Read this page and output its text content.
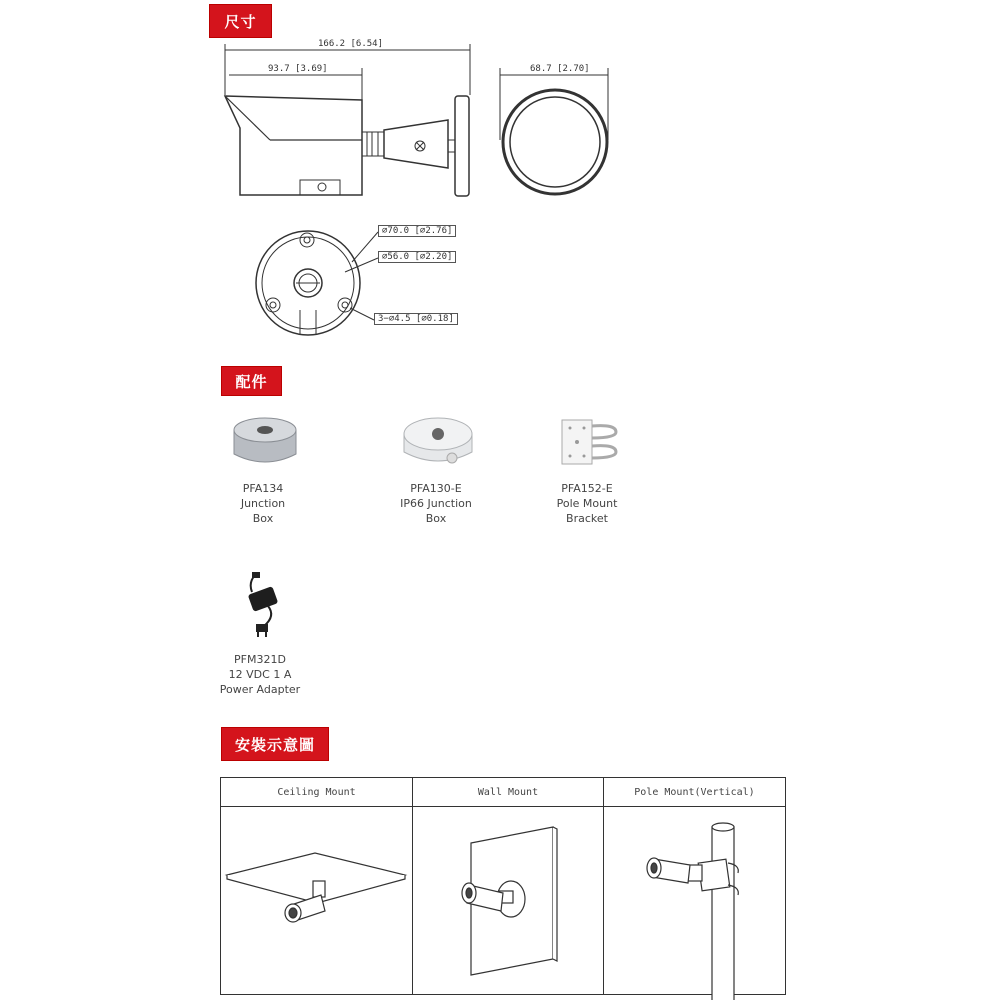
尺寸
配件
安裝示意圖
166.2 [6.54]
93.7 [3.69]	68.7 [2.70]
⌀70.0 [⌀2.76]
⌀56.0 [⌀2.20]
3−⌀4.5 [⌀0.18]
PFA134
Junction
Box
PFA130-E
IP66 Junction
Box
PFA152-E
Pole Mount
Bracket
PFM321D
12 VDC 1 A
Power Adapter
Ceiling Mount	Wall Mount	Pole Mount(Vertical)
